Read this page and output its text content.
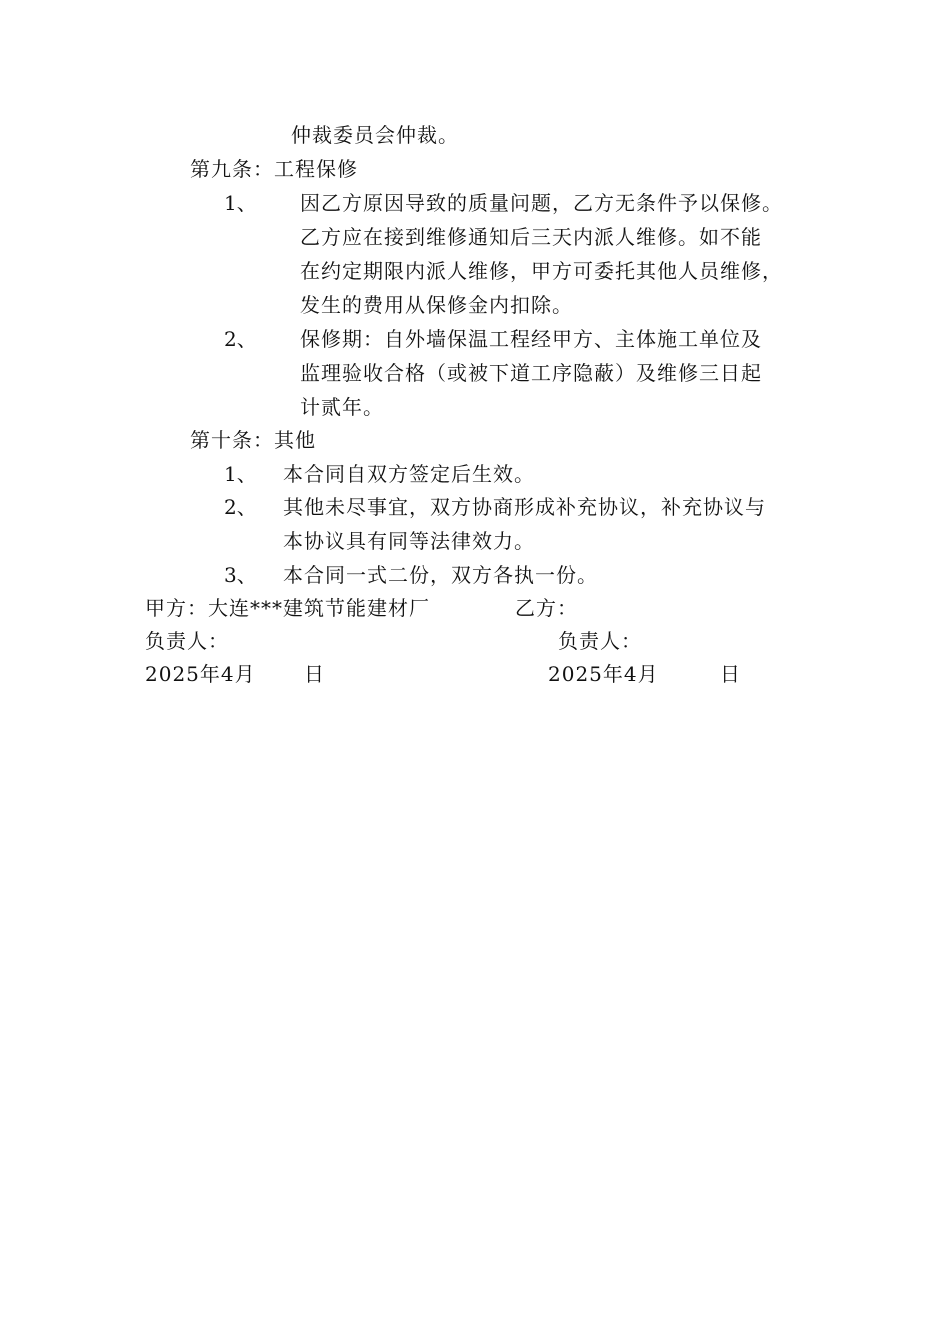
仲裁委员会仲裁。
第九条：工程保修
1、 因乙方原因导致的质量问题，乙方无条件予以保修。
乙方应在接到维修通知后三天内派人维修。如不能
在约定期限内派人维修，甲方可委托其他人员维修，
发生的费用从保修金内扣除。
2、 保修期：自外墙保温工程经甲方、主体施工单位及
监理验收合格（或被下道工序隐蔽）及维修三日起
计贰年。
第十条：其他
1、 本合同自双方签定后生效。
2、 其他未尽事宜，双方协商形成补充协议，补充协议与
本协议具有同等法律效力。
3、 本合同一式二份，双方各执一份。
甲方：大连***建筑节能建材厂	乙方：
负责人：	负责人：
2025年4月 日	2025年4月	日
